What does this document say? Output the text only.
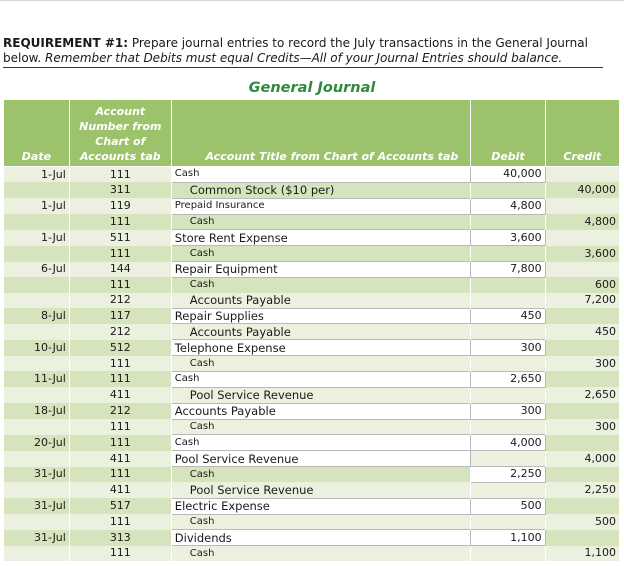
REQUIREMENT #1: Prepare journal entries to record the July transactions in the General Journal below. Remember that Debits must equal Credits—All of your Journal Entries should balance.
General Journal
Date	Account Number from Chart of Accounts tab	Account Title from Chart of Accounts tab	Debit	Credit
1-Jul	111	Cash	40,000	
	311	Common Stock ($10 per)		40,000
1-Jul	119	Prepaid Insurance	4,800	
	111	Cash		4,800
1-Jul	511	Store Rent Expense	3,600	
	111	Cash		3,600
6-Jul	144	Repair Equipment	7,800	
	111	Cash		600
	212	Accounts Payable		7,200
8-Jul	117	Repair Supplies	450	
	212	Accounts Payable		450
10-Jul	512	Telephone Expense	300	
	111	Cash		300
11-Jul	111	Cash	2,650	
	411	Pool Service Revenue		2,650
18-Jul	212	Accounts Payable	300	
	111	Cash		300
20-Jul	111	Cash	4,000	
	411	Pool Service Revenue		4,000
31-Jul	111	Cash	2,250	
	411	Pool Service Revenue		2,250
31-Jul	517	Electric Expense	500	
	111	Cash		500
31-Jul	313	Dividends	1,100	
	111	Cash		1,100
